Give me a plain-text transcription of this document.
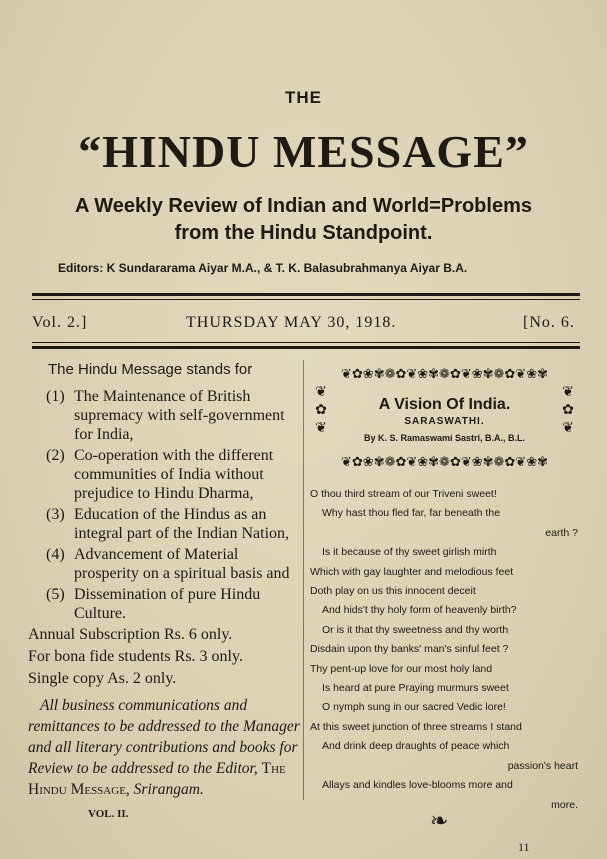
THE
“HINDU MESSAGE”
A Weekly Review of Indian and World=Problems
from the Hindu Standpoint.
Editors: K Sundararama Aiyar M.A., & T. K. Balasubrahmanya Aiyar B.A.
Vol. 2.]	THURSDAY MAY 30, 1918.	[No. 6.
The Hindu Message stands for
(1) The Maintenance of British supremacy with self-government for India,
(2) Co-operation with the different communities of India without prejudice to Hindu Dharma,
(3) Education of the Hindus as an integral part of the Indian Nation,
(4) Advancement of Material prosperity on a spiritual basis and
(5) Dissemination of pure Hindu Culture.
Annual Subscription Rs. 6 only.
For bona fide students Rs. 3 only.
Single copy As. 2 only.
All business communications and remittances to be addressed to the Manager and all literary contributions and books for Review to be addressed to the Editor, The Hindu Message, Srirangam.
VOL. II.
❦✿❀✾❁✿❦❀✾❁✿❦❀✾❁✿❦❀✾
❦
✿
❦
❦
✿
❦
A Vision Of India.
SARASWATHI.
By K. S. Ramaswami Sastri, B.A., B.L.
❦✿❀✾❁✿❦❀✾❁✿❦❀✾❁✿❦❀✾
O thou third stream of our Triveni sweet!
Why hast thou fled far, far beneath the
earth ?
Is it because of thy sweet girlish mirth
Which with gay laughter and melodious feet
Doth play on us this innocent deceit
And hids't thy holy form of heavenly birth?
Or is it that thy sweetness and thy worth
Disdain upon thy banks' man's sinful feet ?
Thy pent-up love for our most holy land
Is heard at pure Praying murmurs sweet
O nymph sung in our sacred Vedic lore!
At this sweet junction of three streams I stand
And drink deep draughts of peace which
passion's heart
Allays and kindles love-blooms more and
more.
❧
11
